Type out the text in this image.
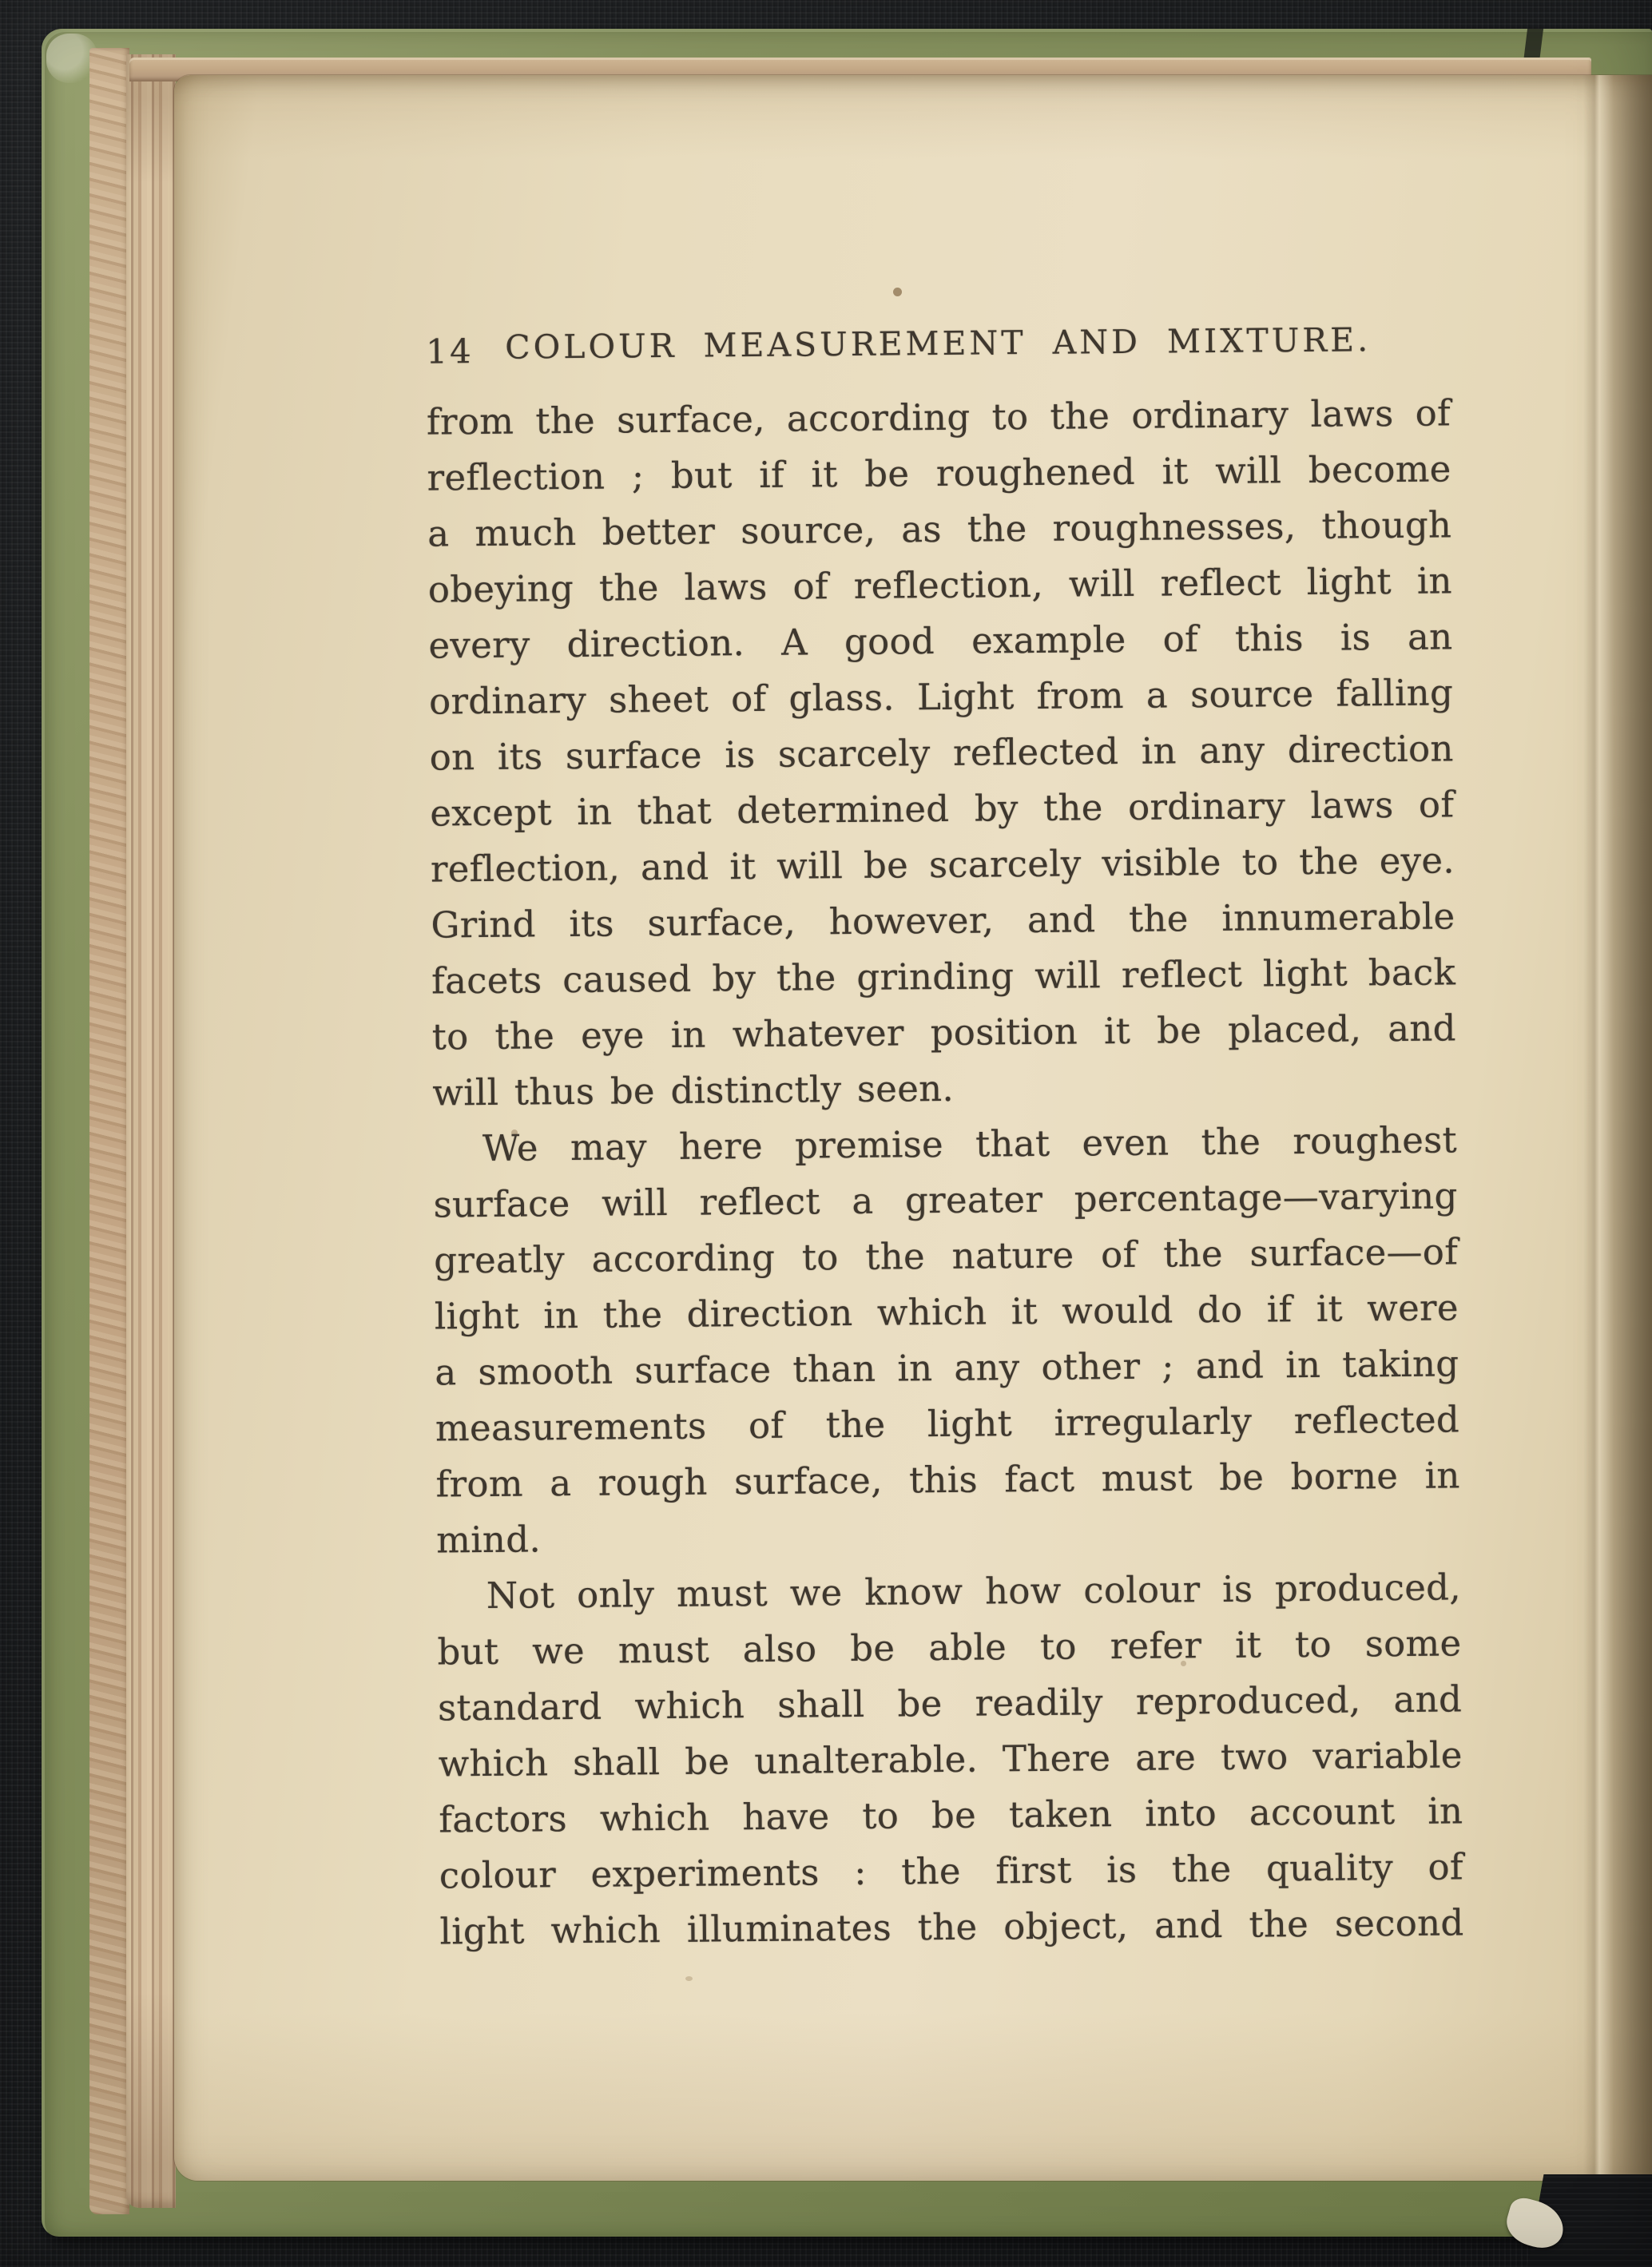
14 COLOUR MEASUREMENT AND MIXTURE.
from the surface, according to the ordinary laws of
reflection ; but if it be roughened it will become
a much better source, as the roughnesses, though
obeying the laws of reflection, will reflect light in
every direction. A good example of this is an
ordinary sheet of glass. Light from a source falling
on its surface is scarcely reflected in any direction
except in that determined by the ordinary laws of
reflection, and it will be scarcely visible to the eye.
Grind its surface, however, and the innumerable
facets caused by the grinding will reflect light back
to the eye in whatever position it be placed, and
will thus be distinctly seen.
We may here premise that even the roughest
surface will reflect a greater percentage—varying
greatly according to the nature of the surface—of
light in the direction which it would do if it were
a smooth surface than in any other ; and in taking
measurements of the light irregularly reflected
from a rough surface, this fact must be borne in
mind.
Not only must we know how colour is produced,
but we must also be able to refer it to some
standard which shall be readily reproduced, and
which shall be unalterable. There are two variable
factors which have to be taken into account in
colour experiments : the first is the quality of
light which illuminates the object, and the second
